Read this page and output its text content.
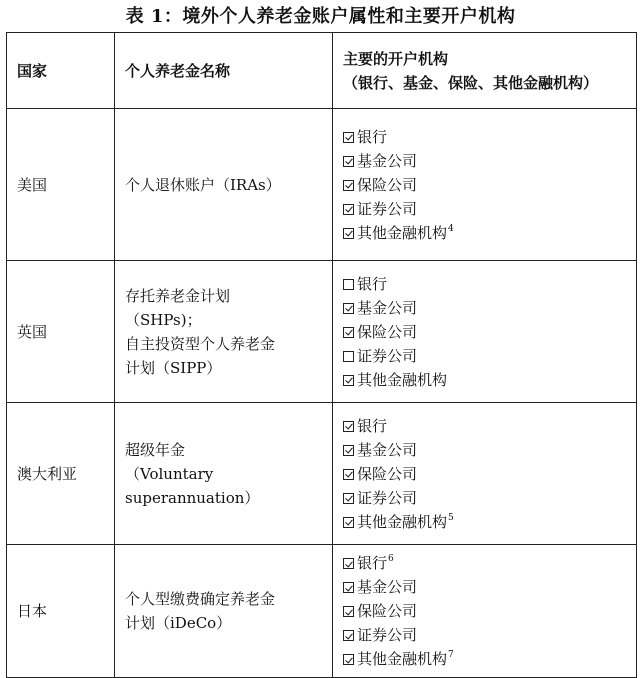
表 1：境外个人养老金账户属性和主要开户机构
国家	个人养老金名称	主要的开户机构
（银行、基金、保险、其他金融机构）

美国	个人退休账户（IRAs）	银行
基金公司
保险公司
证券公司
其他金融机构$^4$

英国	存托养老金计划
（SHPs)；
自主投资型个人养老金
计划（SIPP）	银行
基金公司
保险公司
证券公司
其他金融机构

澳大利亚	超级年金
（Voluntary
superannuation）	银行
基金公司
保险公司
证券公司
其他金融机构$^5$

日本	个人型缴费确定养老金
计划（iDeCo）	银行$^6$
基金公司
保险公司
证券公司
其他金融机构$^7$
